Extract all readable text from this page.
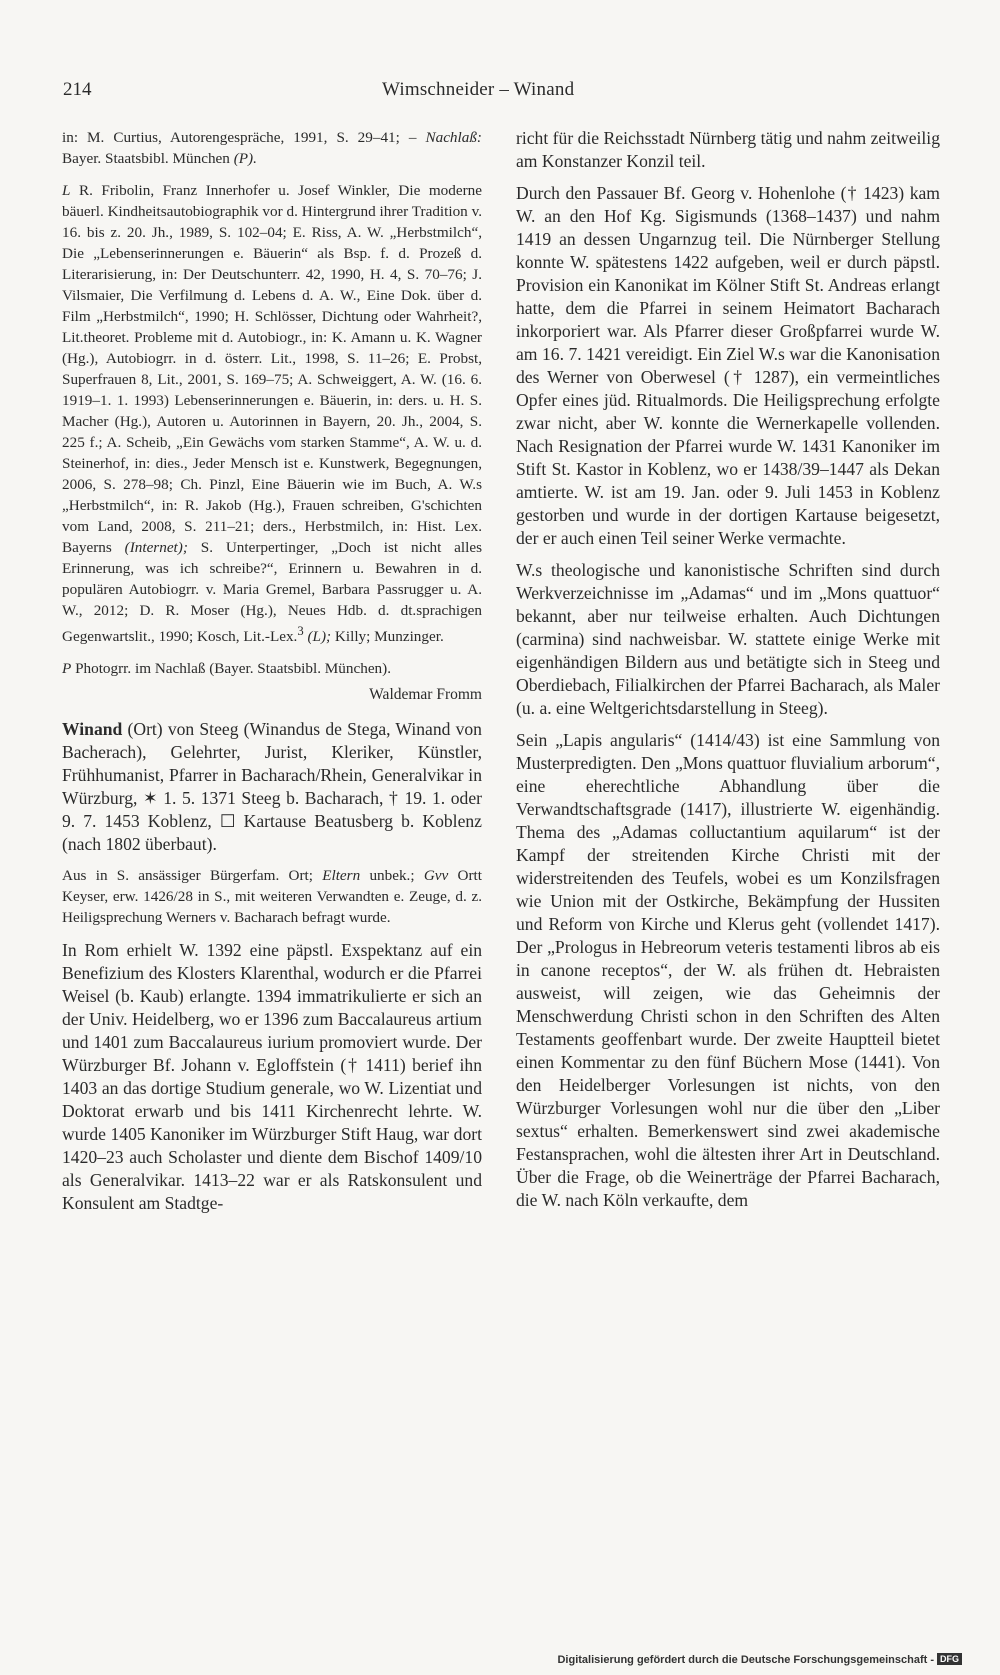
214	Wimschneider – Winand

in: M. Curtius, Autorengespräche, 1991, S. 29–41; – Nachlaß: Bayer. Staatsbibl. München (P).

L R. Fribolin, Franz Innerhofer u. Josef Winkler, Die moderne bäuerl. Kindheitsautobiographik vor d. Hintergrund ihrer Tradition v. 16. bis z. 20. Jh., 1989, S. 102–04; E. Riss, A. W. „Herbstmilch“, Die „Lebenserinnerungen e. Bäuerin“ als Bsp. f. d. Prozeß d. Literarisierung, in: Der Deutschunterr. 42, 1990, H. 4, S. 70–76; J. Vilsmaier, Die Verfilmung d. Lebens d. A. W., Eine Dok. über d. Film „Herbstmilch“, 1990; H. Schlösser, Dichtung oder Wahrheit?, Lit.theoret. Probleme mit d. Autobiogr., in: K. Amann u. K. Wagner (Hg.), Autobiogrr. in d. österr. Lit., 1998, S. 11–26; E. Probst, Superfrauen 8, Lit., 2001, S. 169–75; A. Schweiggert, A. W. (16. 6. 1919–1. 1. 1993) Lebenserinnerungen e. Bäuerin, in: ders. u. H. S. Macher (Hg.), Autoren u. Autorinnen in Bayern, 20. Jh., 2004, S. 225 f.; A. Scheib, „Ein Gewächs vom starken Stamme“, A. W. u. d. Steinerhof, in: dies., Jeder Mensch ist e. Kunstwerk, Begegnungen, 2006, S. 278–98; Ch. Pinzl, Eine Bäuerin wie im Buch, A. W.s „Herbstmilch“, in: R. Jakob (Hg.), Frauen schreiben, G'schichten vom Land, 2008, S. 211–21; ders., Herbstmilch, in: Hist. Lex. Bayerns (Internet); S. Unterpertinger, „Doch ist nicht alles Erinnerung, was ich schreibe?“, Erinnern u. Bewahren in d. populären Autobiogrr. v. Maria Gremel, Barbara Passrugger u. A. W., 2012; D. R. Moser (Hg.), Neues Hdb. d. dt.sprachigen Gegenwartslit., 1990; Kosch, Lit.-Lex.$^3$ (L); Killy; Munzinger.

P Photogrr. im Nachlaß (Bayer. Staatsbibl. München).

Waldemar Fromm

Winand (Ort) von Steeg (Winandus de Stega, Winand von Bacherach), Gelehrter, Jurist, Kleriker, Künstler, Frühhumanist, Pfarrer in Bacharach/Rhein, Generalvikar in Würzburg, ✶ 1. 5. 1371 Steeg b. Bacharach, † 19. 1. oder 9. 7. 1453 Koblenz, ☐ Kartause Beatusberg b. Koblenz (nach 1802 überbaut).

Aus in S. ansässiger Bürgerfam. Ort; Eltern unbek.; Gvv Ortt Keyser, erw. 1426/28 in S., mit weiteren Verwandten e. Zeuge, d. z. Heiligsprechung Werners v. Bacharach befragt wurde.

In Rom erhielt W. 1392 eine päpstl. Exspektanz auf ein Benefizium des Klosters Klarenthal, wodurch er die Pfarrei Weisel (b. Kaub) erlangte. 1394 immatrikulierte er sich an der Univ. Heidelberg, wo er 1396 zum Baccalaureus artium und 1401 zum Baccalaureus iurium promoviert wurde. Der Würzburger Bf. Johann v. Egloffstein († 1411) berief ihn 1403 an das dortige Studium generale, wo W. Lizentiat und Doktorat erwarb und bis 1411 Kirchenrecht lehrte. W. wurde 1405 Kanoniker im Würzburger Stift Haug, war dort 1420–23 auch Scholaster und diente dem Bischof 1409/10 als Generalvikar. 1413–22 war er als Ratskonsulent und Konsulent am Stadtge-

richt für die Reichsstadt Nürnberg tätig und nahm zeitweilig am Konstanzer Konzil teil.

Durch den Passauer Bf. Georg v. Hohenlohe († 1423) kam W. an den Hof Kg. Sigismunds (1368–1437) und nahm 1419 an dessen Ungarnzug teil. Die Nürnberger Stellung konnte W. spätestens 1422 aufgeben, weil er durch päpstl. Provision ein Kanonikat im Kölner Stift St. Andreas erlangt hatte, dem die Pfarrei in seinem Heimatort Bacharach inkorporiert war. Als Pfarrer dieser Großpfarrei wurde W. am 16. 7. 1421 vereidigt. Ein Ziel W.s war die Kanonisation des Werner von Oberwesel († 1287), ein vermeintliches Opfer eines jüd. Ritualmords. Die Heiligsprechung erfolgte zwar nicht, aber W. konnte die Wernerkapelle vollenden. Nach Resignation der Pfarrei wurde W. 1431 Kanoniker im Stift St. Kastor in Koblenz, wo er 1438/39–1447 als Dekan amtierte. W. ist am 19. Jan. oder 9. Juli 1453 in Koblenz gestorben und wurde in der dortigen Kartause beigesetzt, der er auch einen Teil seiner Werke vermachte.

W.s theologische und kanonistische Schriften sind durch Werkverzeichnisse im „Adamas“ und im „Mons quattuor“ bekannt, aber nur teilweise erhalten. Auch Dichtungen (carmina) sind nachweisbar. W. stattete einige Werke mit eigenhändigen Bildern aus und betätigte sich in Steeg und Oberdiebach, Filialkirchen der Pfarrei Bacharach, als Maler (u. a. eine Weltgerichtsdarstellung in Steeg).

Sein „Lapis angularis“ (1414/43) ist eine Sammlung von Musterpredigten. Den „Mons quattuor fluvialium arborum“, eine eherechtliche Abhandlung über die Verwandtschaftsgrade (1417), illustrierte W. eigenhändig. Thema des „Adamas colluctantium aquilarum“ ist der Kampf der streitenden Kirche Christi mit der widerstreitenden des Teufels, wobei es um Konzilsfragen wie Union mit der Ostkirche, Bekämpfung der Hussiten und Reform von Kirche und Klerus geht (vollendet 1417). Der „Prologus in Hebreorum veteris testamenti libros ab eis in canone receptos“, der W. als frühen dt. Hebraisten ausweist, will zeigen, wie das Geheimnis der Menschwerdung Christi schon in den Schriften des Alten Testaments geoffenbart wurde. Der zweite Hauptteil bietet einen Kommentar zu den fünf Büchern Mose (1441). Von den Heidelberger Vorlesungen ist nichts, von den Würzburger Vorlesungen wohl nur die über den „Liber sextus“ erhalten. Bemerkenswert sind zwei akademische Festansprachen, wohl die ältesten ihrer Art in Deutschland. Über die Frage, ob die Weinerträge der Pfarrei Bacharach, die W. nach Köln verkaufte, dem

Digitalisierung gefördert durch die Deutsche Forschungsgemeinschaft - DFG
